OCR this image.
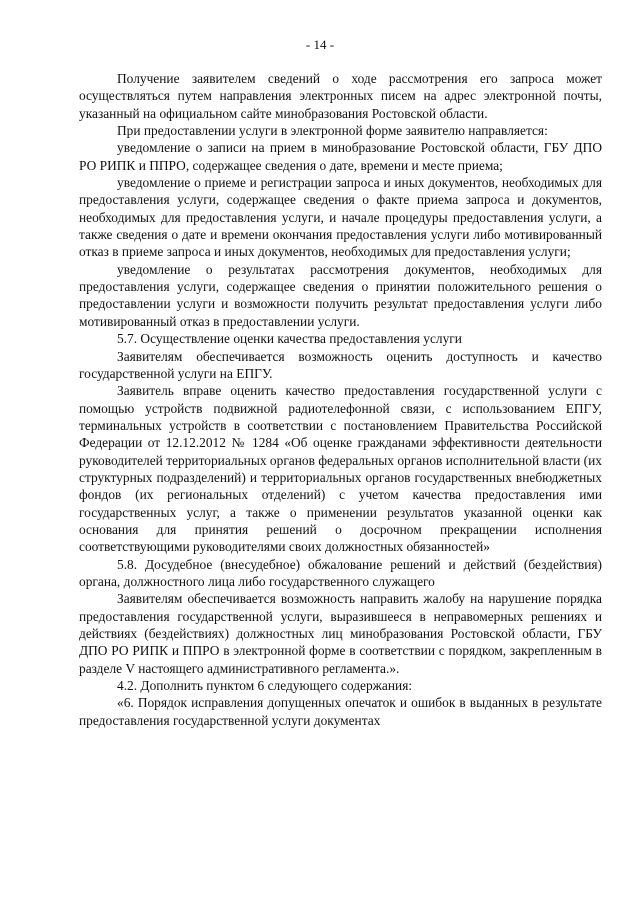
- 14 -

Получение заявителем сведений о ходе рассмотрения его запроса может осуществляться путем направления электронных писем на адрес электронной почты, указанный на официальном сайте минобразования Ростовской области.

При предоставлении услуги в электронной форме заявителю направляется:

уведомление о записи на прием в минобразование Ростовской области, ГБУ ДПО РО РИПК и ППРО, содержащее сведения о дате, времени и месте приема;

уведомление о приеме и регистрации запроса и иных документов, необходимых для предоставления услуги, содержащее сведения о факте приема запроса и документов, необходимых для предоставления услуги, и начале процедуры предоставления услуги, а также сведения о дате и времени окончания предоставления услуги либо мотивированный отказ в приеме запроса и иных документов, необходимых для предоставления услуги;

уведомление о результатах рассмотрения документов, необходимых для предоставления услуги, содержащее сведения о принятии положительного решения о предоставлении услуги и возможности получить результат предоставления услуги либо мотивированный отказ в предоставлении услуги.

5.7. Осуществление оценки качества предоставления услуги

Заявителям обеспечивается возможность оценить доступность и качество государственной услуги на ЕПГУ.

Заявитель вправе оценить качество предоставления государственной услуги с помощью устройств подвижной радиотелефонной связи, с использованием ЕПГУ, терминальных устройств в соответствии с постановлением Правительства Российской Федерации от 12.12.2012 № 1284 «Об оценке гражданами эффективности деятельности руководителей территориальных органов федеральных органов исполнительной власти (их структурных подразделений) и территориальных органов государственных внебюджетных фондов (их региональных отделений) с учетом качества предоставления ими государственных услуг, а также о применении результатов указанной оценки как основания для принятия решений о досрочном прекращении исполнения соответствующими руководителями своих должностных обязанностей»

5.8. Досудебное (внесудебное) обжалование решений и действий (бездействия) органа, должностного лица либо государственного служащего

Заявителям обеспечивается возможность направить жалобу на нарушение порядка предоставления государственной услуги, выразившееся в неправомерных решениях и действиях (бездействиях) должностных лиц минобразования Ростовской области, ГБУ ДПО РО РИПК и ППРО в электронной форме в соответствии с порядком, закрепленным в разделе V настоящего административного регламента.».

4.2. Дополнить пунктом 6 следующего содержания:

«6. Порядок исправления допущенных опечаток и ошибок в выданных в результате предоставления государственной услуги документах
